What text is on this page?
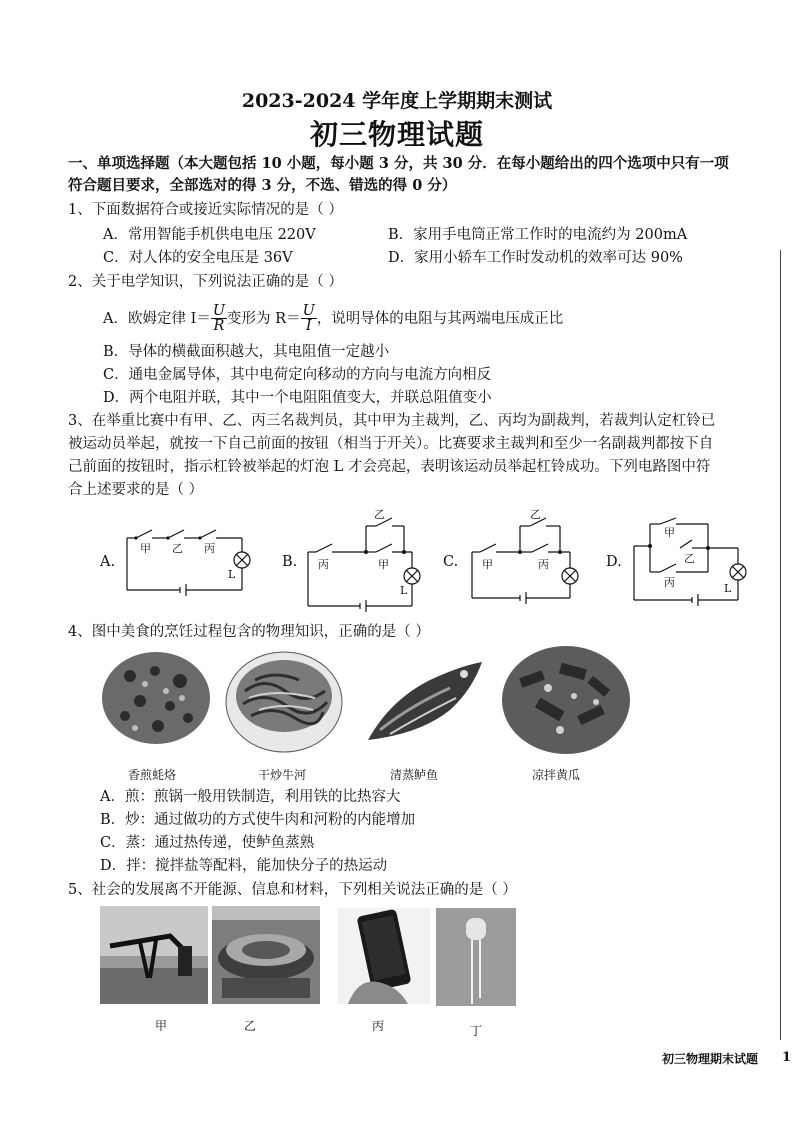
2023-2024 学年度上学期期末测试
初三物理试题
一、单项选择题（本大题包括 10 小题，每小题 3 分，共 30 分．在每小题给出的四个选项中只有一项
符合题目要求，全部选对的得 3 分，不选、错选的得 0 分）
1、下面数据符合或接近实际情况的是（ ）
A．常用智能手机供电电压 220V	B．家用手电筒正常工作时的电流约为 200mA
C．对人体的安全电压是 36V	D．家用小轿车工作时发动机的效率可达 90%
2、关于电学知识，下列说法正确的是（ ）
A．欧姆定律 $I= \frac{U}{R}$ 变形为 $R= \frac{U}{I}$ ，说明导体的电阻与其两端电压成正比
B．导体的横截面积越大，其电阻值一定越小
C．通电金属导体，其中电荷定向移动的方向与电流方向相反
D．两个电阻并联，其中一个电阻阻值变大，并联总阻值变小
3、在举重比赛中有甲、乙、丙三名裁判员，其中甲为主裁判，乙、丙均为副裁判，若裁判认定杠铃已
被运动员举起，就按一下自己前面的按钮（相当于开关）。比赛要求主裁判和至少一名副裁判都按下自
己前面的按钮时，指示杠铃被举起的灯泡 L 才会亮起，表明该运动员举起杠铃成功。下列电路图中符
合上述要求的是（ ）
A.
甲 乙 丙
L
B.
乙
丙	甲
L
C.
乙
甲	丙	D.
甲
乙
丙	L
4、图中美食的烹饪过程包含的物理知识，正确的是（ ）
香煎蚝烙	干炒牛河	清蒸鲈鱼	凉拌黄瓜
A．煎：煎锅一般用铁制造，利用铁的比热容大
B．炒：通过做功的方式使牛肉和河粉的内能增加
C．蒸：通过热传递，使鲈鱼蒸熟
D．拌：搅拌盐等配料，能加快分子的热运动
5、社会的发展离不开能源、信息和材料，下列相关说法正确的是（ ）
甲	乙	丙	丁
初三物理期末试题 1
